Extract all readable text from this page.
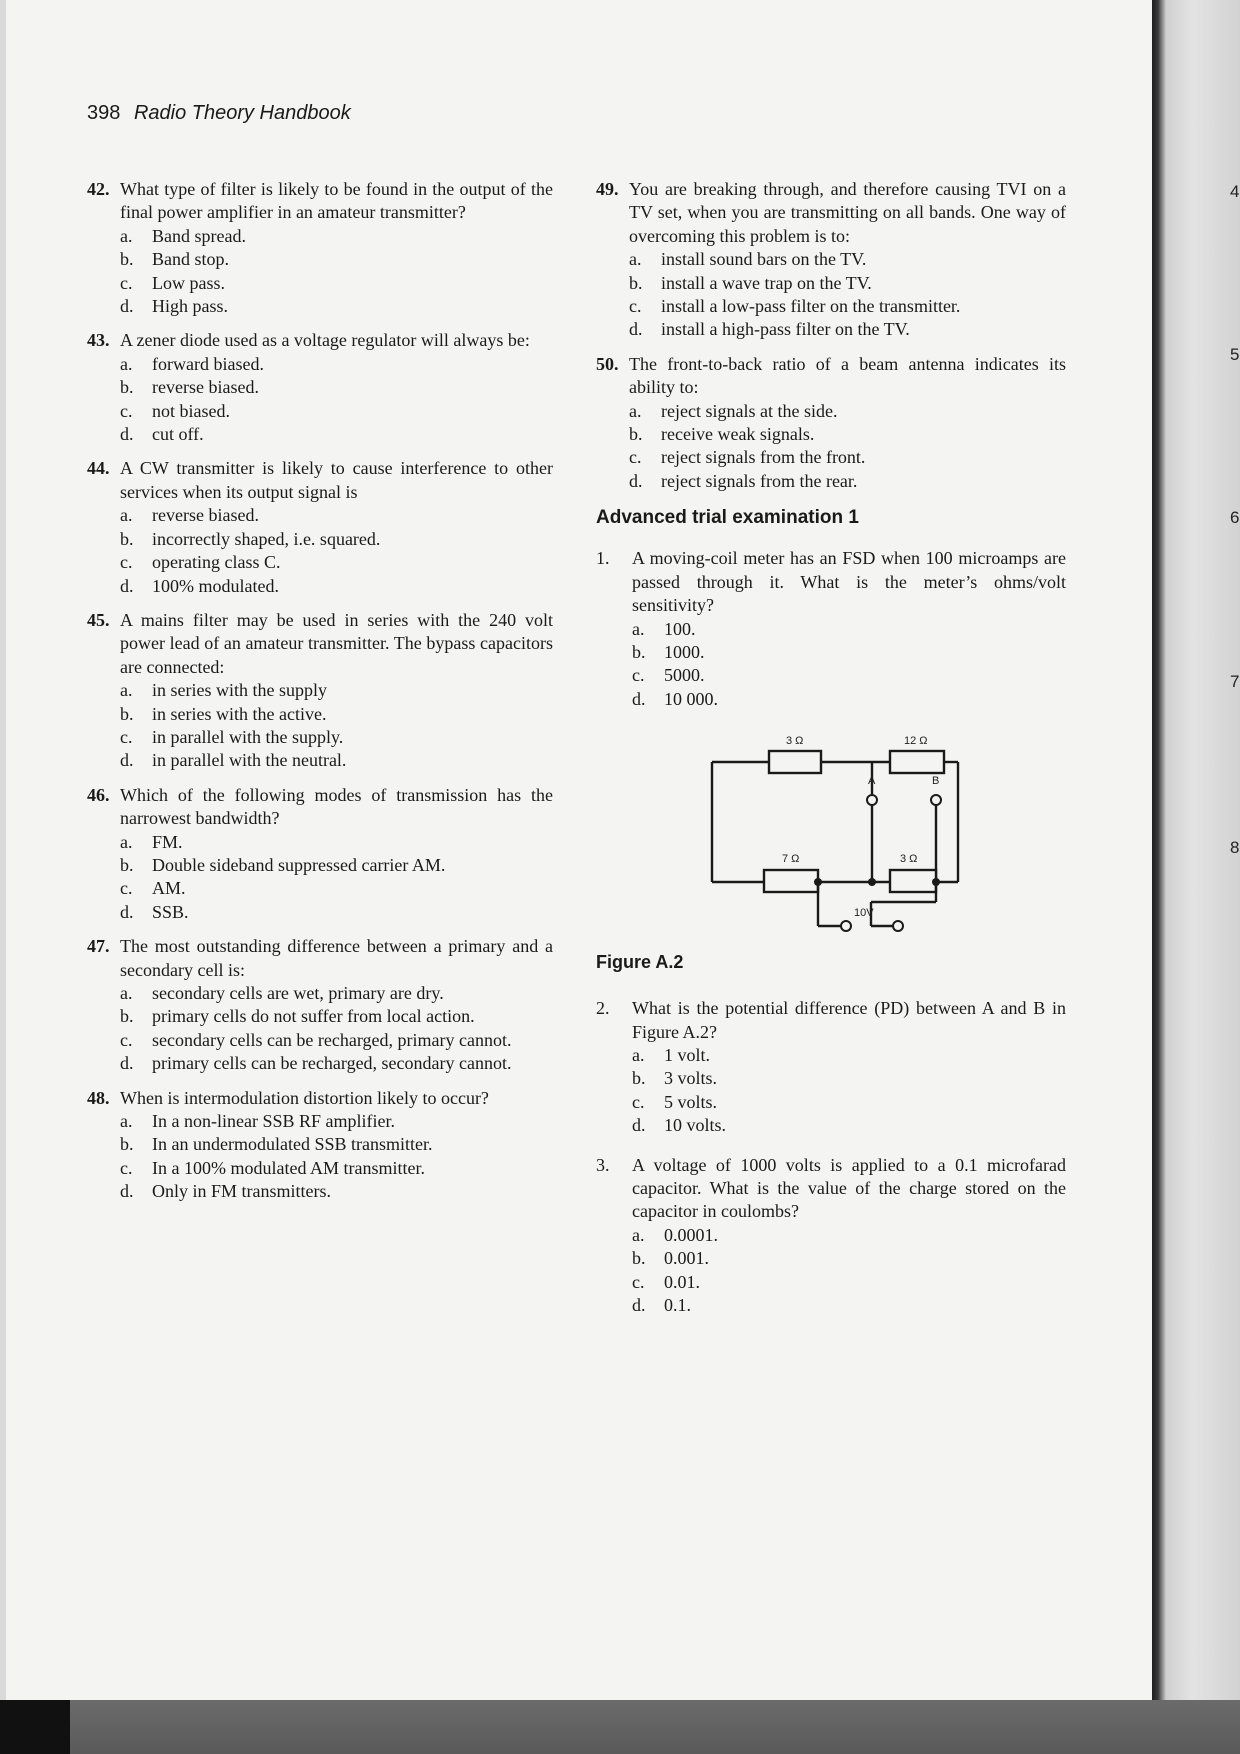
4
5
6
7
8
398 Radio Theory Handbook
42. What type of filter is likely to be found in the output of the final power amplifier in an amateur transmitter?
a.	Band spread.
b.	Band stop.
c.	Low pass.
d.	High pass.
43. A zener diode used as a voltage regulator will always be:
a.	forward biased.
b.	reverse biased.
c.	not biased.
d.	cut off.
44. A CW transmitter is likely to cause interference to other services when its output signal is
a.	reverse biased.
b.	incorrectly shaped, i.e. squared.
c.	operating class C.
d.	100% modulated.
45. A mains filter may be used in series with the 240 volt power lead of an amateur transmitter. The bypass capacitors are connected:
a.	in series with the supply
b.	in series with the active.
c.	in parallel with the supply.
d.	in parallel with the neutral.
46. Which of the following modes of transmission has the narrowest bandwidth?
a.	FM.
b.	Double sideband suppressed carrier AM.
c.	AM.
d.	SSB.
47. The most outstanding difference between a primary and a secondary cell is:
a.	secondary cells are wet, primary are dry.
b.	primary cells do not suffer from local action.
c.	secondary cells can be recharged, primary cannot.
d.	primary cells can be recharged, secondary cannot.
48. When is intermodulation distortion likely to occur?
a.	In a non-linear SSB RF amplifier.
b.	In an undermodulated SSB transmitter.
c.	In a 100% modulated AM transmitter.
d.	Only in FM transmitters.
49. You are breaking through, and therefore causing TVI on a TV set, when you are transmitting on all bands. One way of overcoming this problem is to:
a.	install sound bars on the TV.
b.	install a wave trap on the TV.
c.	install a low-pass filter on the transmitter.
d.	install a high-pass filter on the TV.
50. The front-to-back ratio of a beam antenna indicates its ability to:
a.	reject signals at the side.
b.	receive weak signals.
c.	reject signals from the front.
d.	reject signals from the rear.
Advanced trial examination 1
1.	A moving-coil meter has an FSD when 100 microamps are passed through it. What is the meter’s ohms/volt sensitivity?
a.	100.
b.	1000.
c.	5000.
d.	10 000.
3 Ω	12 Ω
A	B
7 Ω	3 Ω
10V
Figure A.2
2.	What is the potential difference (PD) between A and B in Figure A.2?
a.	1 volt.
b.	3 volts.
c.	5 volts.
d.	10 volts.
3.	A voltage of 1000 volts is applied to a 0.1 microfarad capacitor. What is the value of the charge stored on the capacitor in coulombs?
a.	0.0001.
b.	0.001.
c.	0.01.
d.	0.1.
